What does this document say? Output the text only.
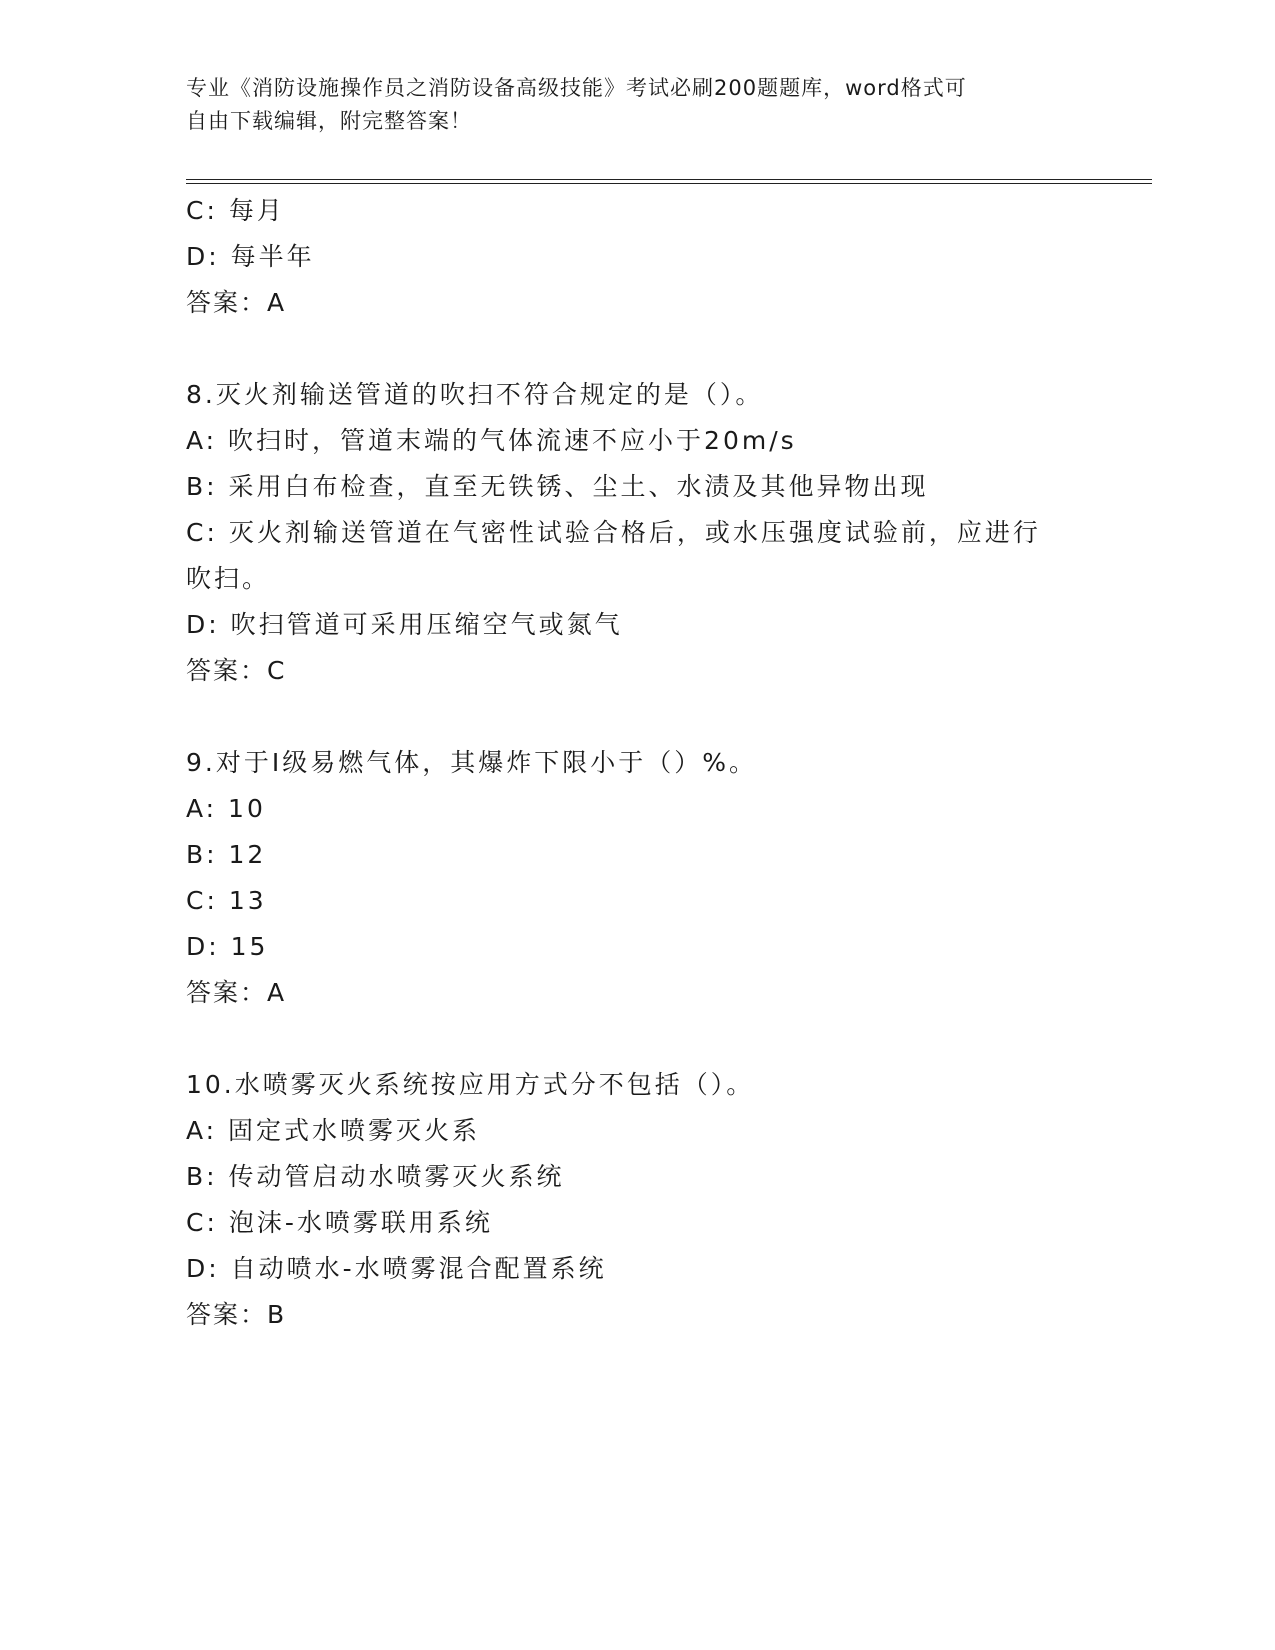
专业《消防设施操作员之消防设备高级技能》考试必刷200题题库，word格式可
自由下载编辑，附完整答案！
C: 每月
D: 每半年
答案：A
8.灭火剂输送管道的吹扫不符合规定的是（）。
A: 吹扫时，管道末端的气体流速不应小于20m/s
B: 采用白布检查，直至无铁锈、尘土、水渍及其他异物出现
C: 灭火剂输送管道在气密性试验合格后，或水压强度试验前，应进行
吹扫。
D: 吹扫管道可采用压缩空气或氮气
答案：C
9.对于Ⅰ级易燃气体，其爆炸下限小于（）%。
A: 10
B: 12
C: 13
D: 15
答案：A
10.水喷雾灭火系统按应用方式分不包括（）。
A: 固定式水喷雾灭火系
B: 传动管启动水喷雾灭火系统
C: 泡沫-水喷雾联用系统
D: 自动喷水-水喷雾混合配置系统
答案：B
